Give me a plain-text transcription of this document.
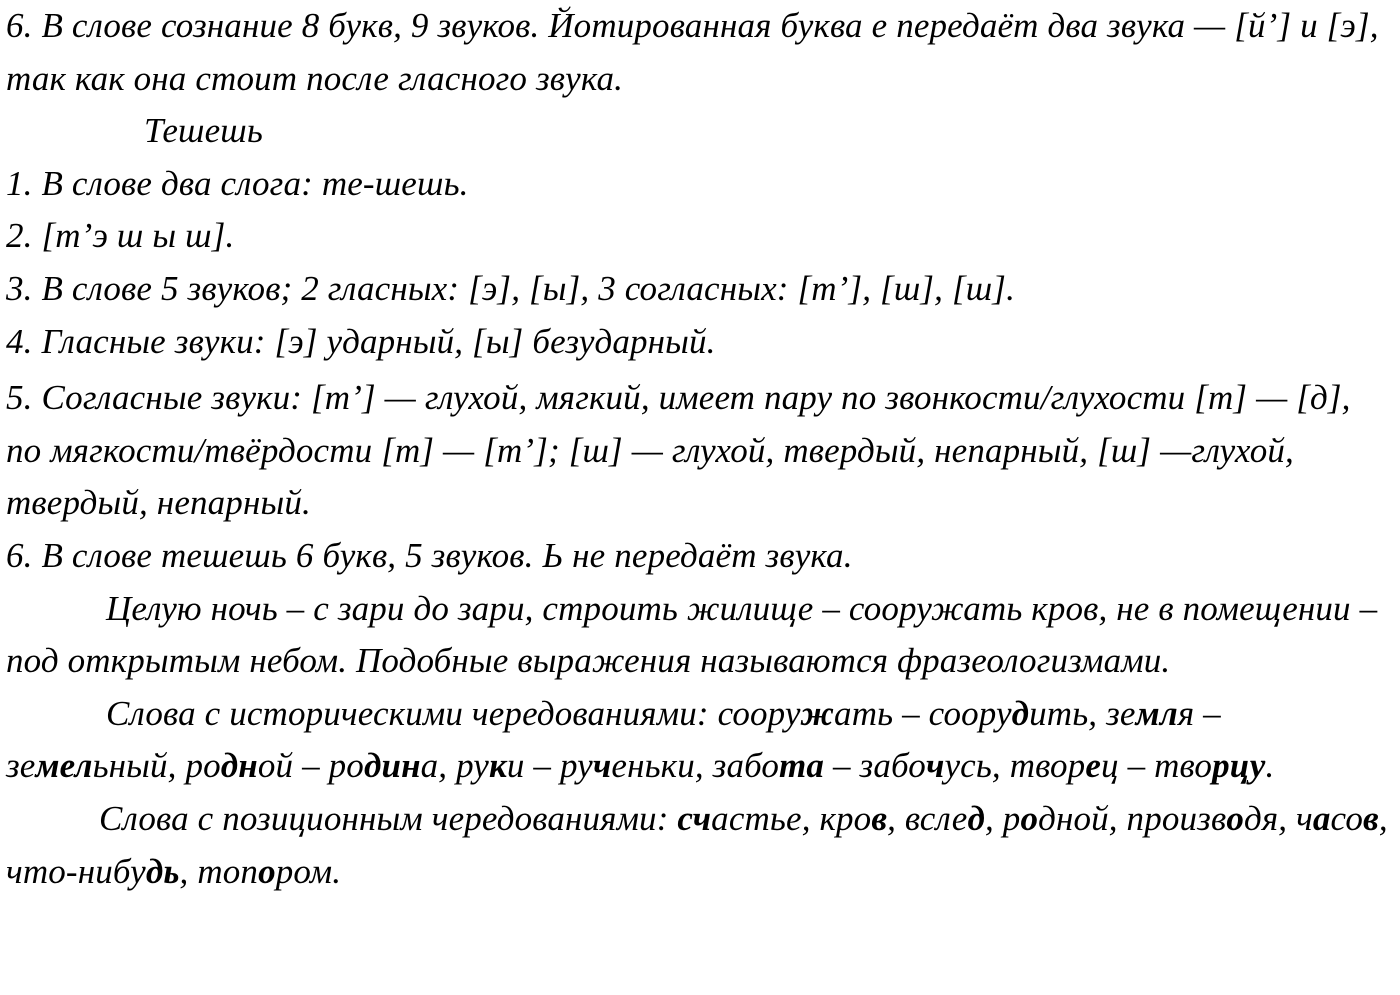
6. В слове сознание 8 букв, 9 звуков. Йотированная буква е передаёт два звука — [й’] и [э], так как она стоит после гласного звука.

Тешешь

1. В слове два слога: те-шешь.

2. [т’э ш ы ш].

3. В слове 5 звуков; 2 гласных: [э], [ы], 3 согласных: [т’], [ш], [ш].

4. Гласные звуки: [э] ударный, [ы] безударный.

5. Согласные звуки: [т’] — глухой, мягкий, имеет пару по звонкости/глухости [т] — [д], по мягкости/твёрдости [т] — [т’]; [ш] — глухой, твердый, непарный, [ш] —глухой, твердый, непарный.

6. В слове тешешь 6 букв, 5 звуков. Ь не передаёт звука.

Целую ночь – с зари до зари, строить жилище – сооружать кров, не в помещении – под открытым небом. Подобные выражения называются фразеологизмами.

Слова с историческими чередованиями: сооружать – соорудить, земля – земельный, родной – родина, руки – рученьки, забота – забочусь, творец – творцу.

Слова с позиционным чередованиями: счастье, кров, вслед, родной, производя, часов, что-нибудь, топором.
